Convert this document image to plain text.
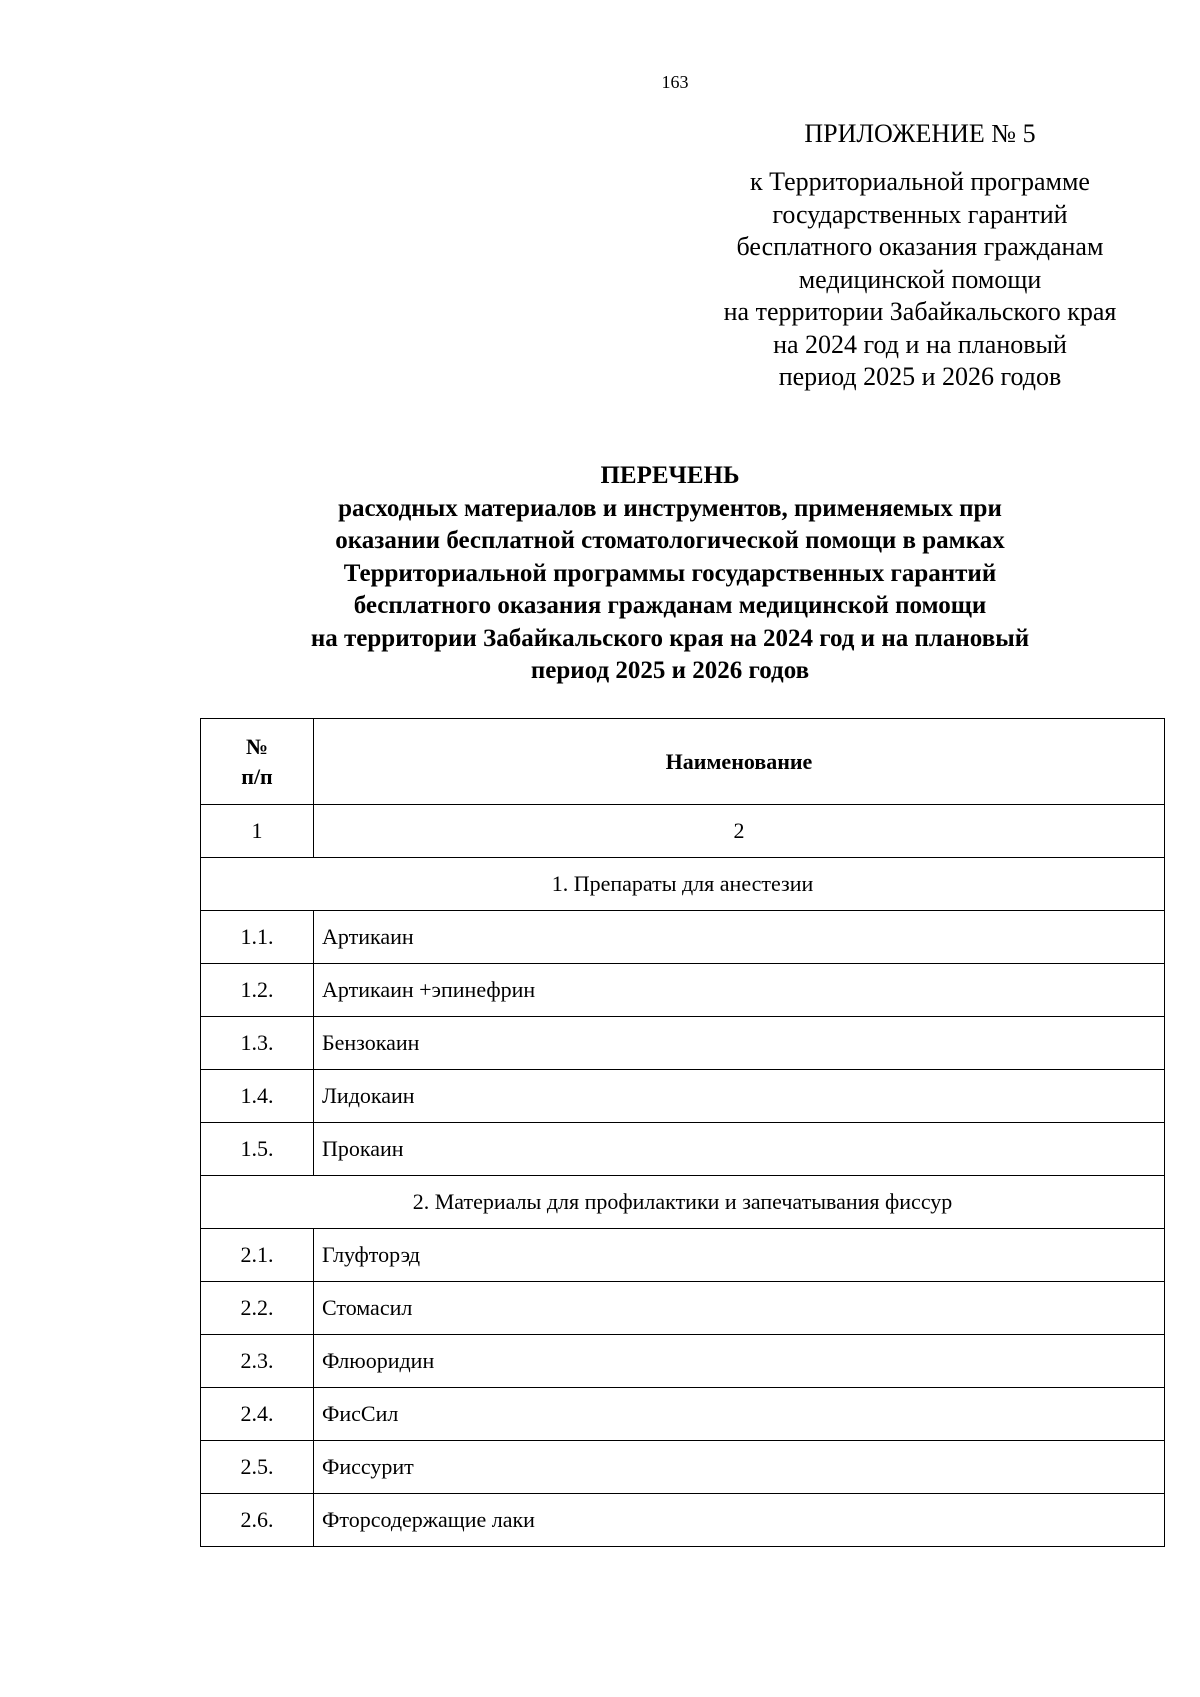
163
ПРИЛОЖЕНИЕ № 5
к Территориальной программе
государственных гарантий
бесплатного оказания гражданам
медицинской помощи
на территории Забайкальского края
на 2024 год и на плановый
период 2025 и 2026 годов
ПЕРЕЧЕНЬ
расходных материалов и инструментов, применяемых при
оказании бесплатной стоматологической помощи в рамках
Территориальной программы государственных гарантий
бесплатного оказания гражданам медицинской помощи
на территории Забайкальского края на 2024 год и на плановый
период 2025 и 2026 годов
№
п/п	Наименование
1	2
1. Препараты для анестезии	
1.1.	Артикаин
1.2.	Артикаин +эпинефрин
1.3.	Бензокаин
1.4.	Лидокаин
1.5.	Прокаин
2. Материалы для профилактики и запечатывания фиссур	
2.1.	Глуфторэд
2.2.	Стомасил
2.3.	Флюоридин
2.4.	ФисСил
2.5.	Фиссурит
2.6.	Фторсодержащие лаки
